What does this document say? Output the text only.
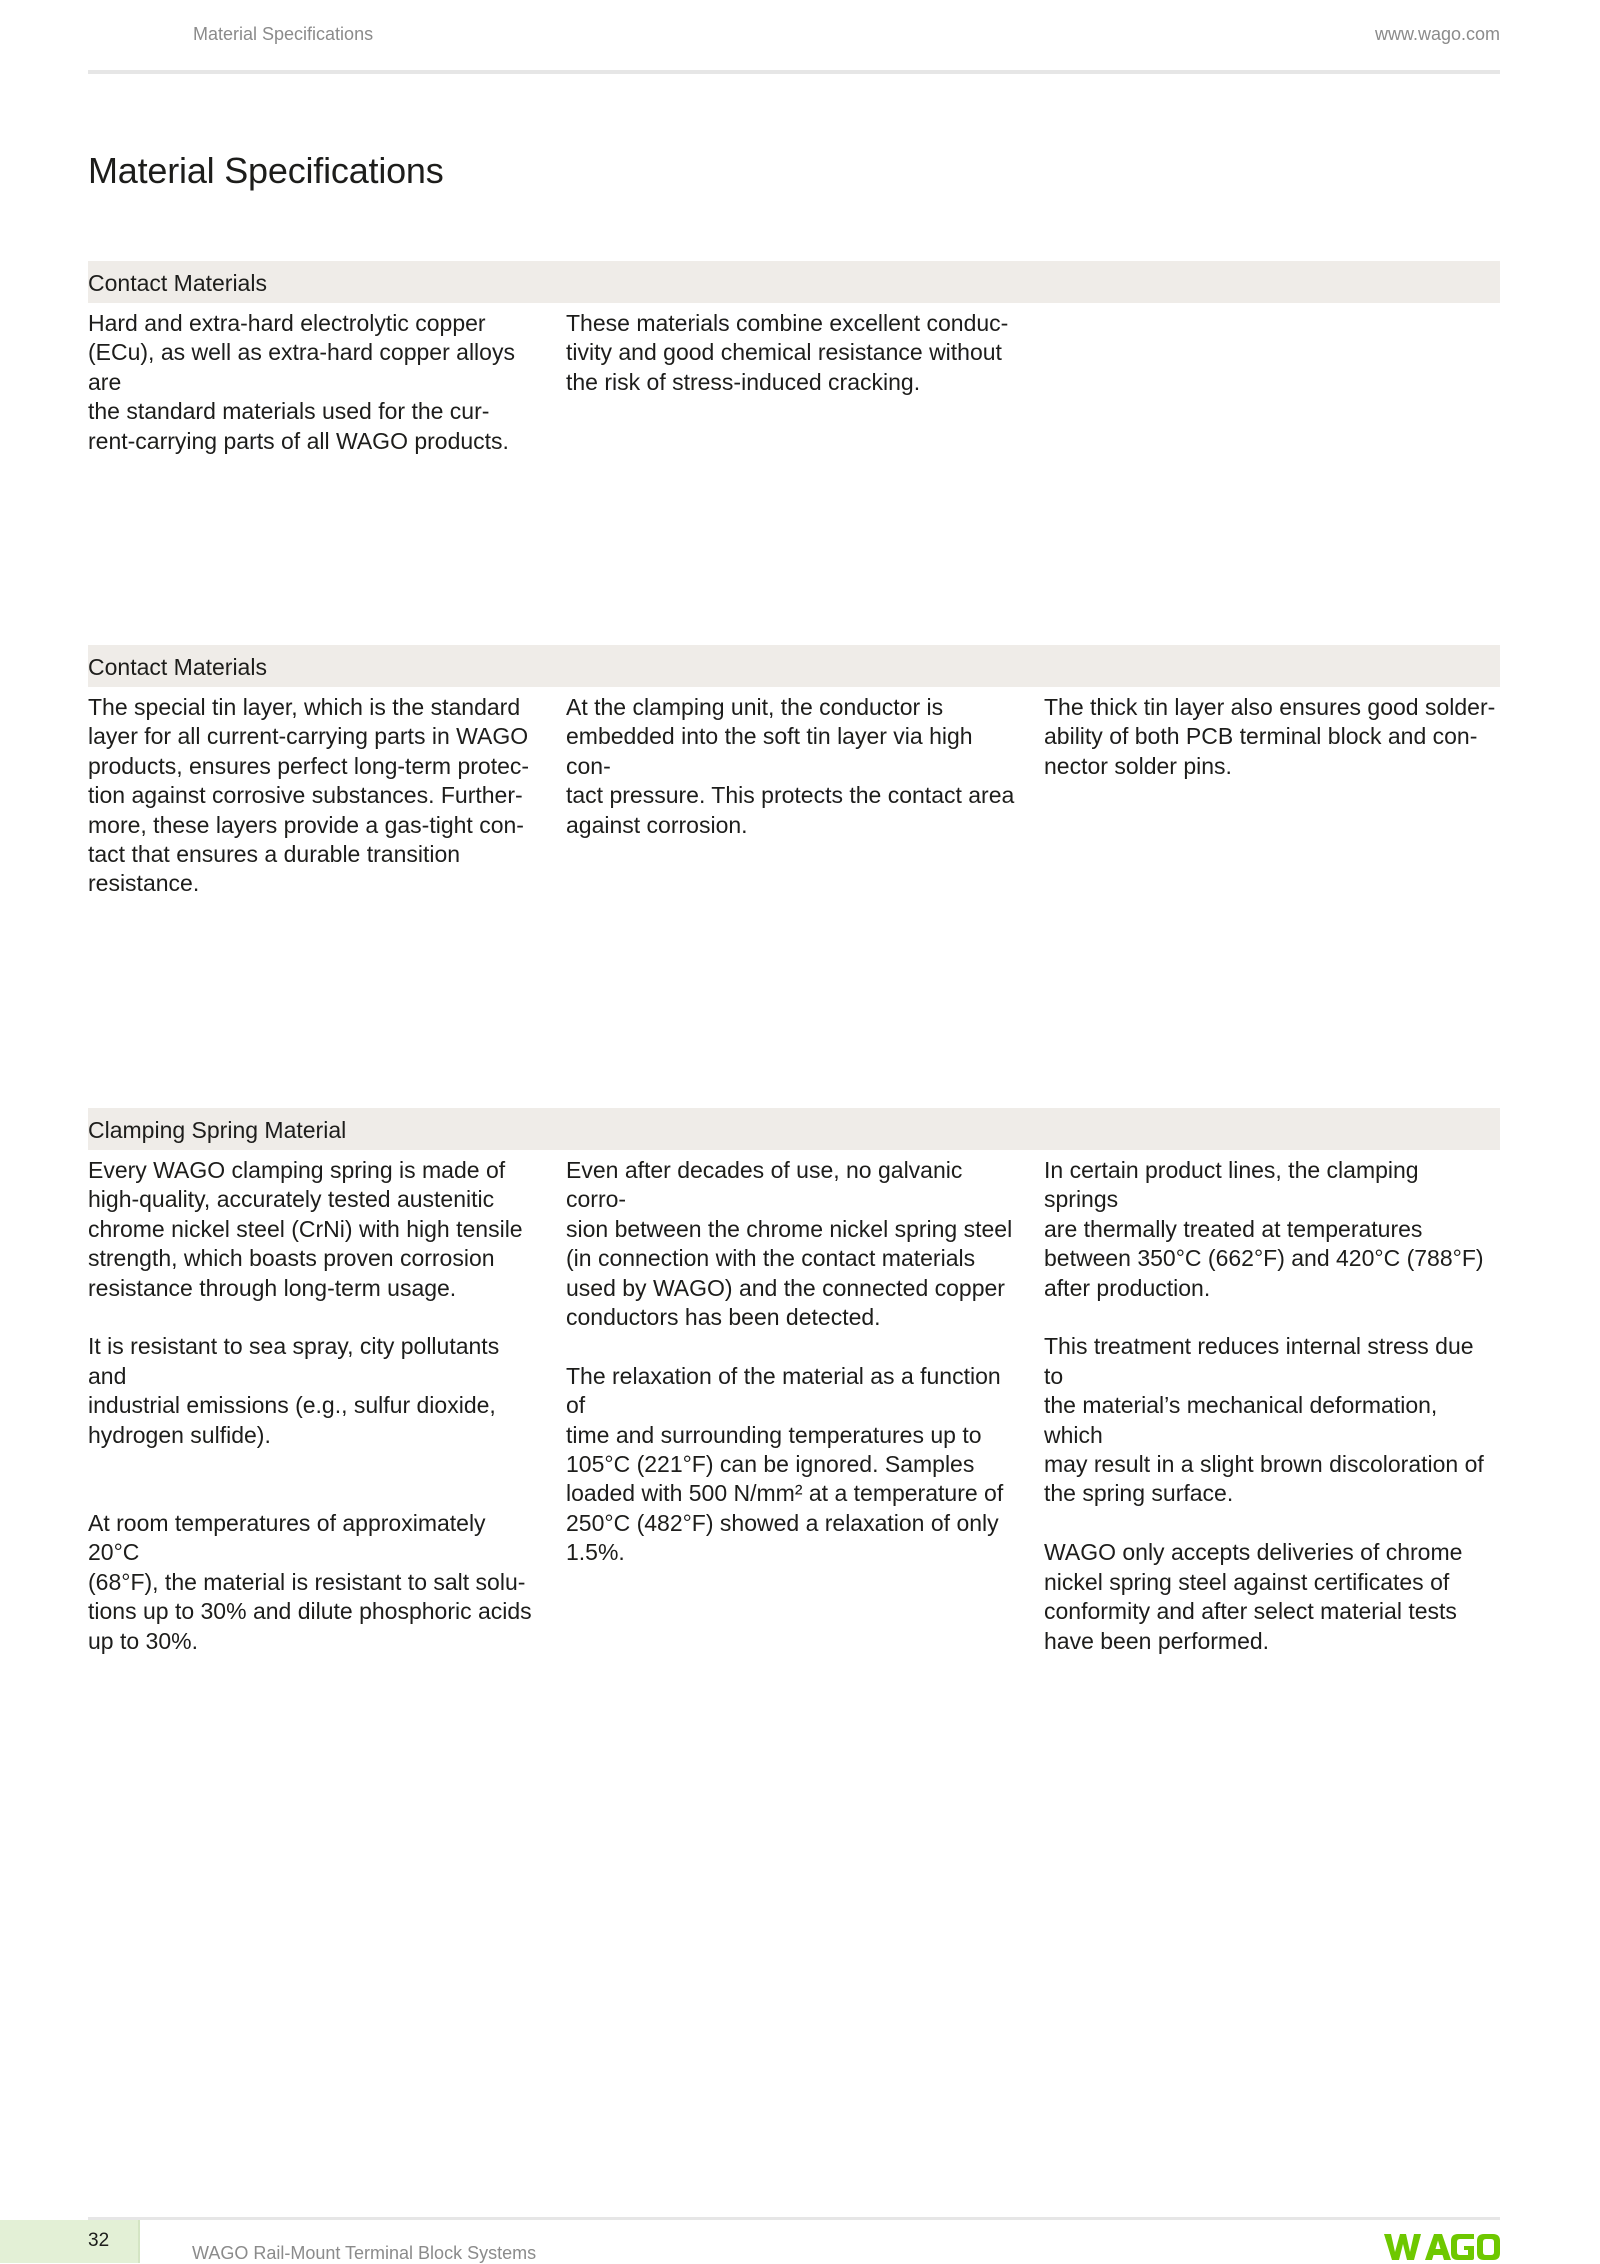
Material Specifications	www.wago.com
Material Specifications
Contact Materials

Hard and extra-hard electrolytic copper
(ECu), as well as extra-hard copper alloys are
the standard materials used for the cur-
rent-carrying parts of all WAGO products.

These materials combine excellent conduc-
tivity and good chemical resistance without
the risk of stress-induced cracking.

Contact Materials

The special tin layer, which is the standard
layer for all current-carrying parts in WAGO
products, ensures perfect long-term protec-
tion against corrosive substances. Further-
more, these layers provide a gas-tight con-
tact that ensures a durable transition
resistance.

At the clamping unit, the conductor is
embedded into the soft tin layer via high con-
tact pressure. This protects the contact area
against corrosion.

The thick tin layer also ensures good solder-
ability of both PCB terminal block and con-
nector solder pins.

Clamping Spring Material

Every WAGO clamping spring is made of
high-quality, accurately tested austenitic
chrome nickel steel (CrNi) with high tensile
strength, which boasts proven corrosion
resistance through long-term usage.

It is resistant to sea spray, city pollutants and
industrial emissions (e.g., sulfur dioxide,
hydrogen sulfide).

At room temperatures of approximately 20°C
(68°F), the material is resistant to salt solu-
tions up to 30% and dilute phosphoric acids
up to 30%.

Even after decades of use, no galvanic corro-
sion between the chrome nickel spring steel
(in connection with the contact materials
used by WAGO) and the connected copper
conductors has been detected.

The relaxation of the material as a function of
time and surrounding temperatures up to
105°C (221°F) can be ignored. Samples
loaded with 500 N/mm² at a temperature of
250°C (482°F) showed a relaxation of only
1.5%.

In certain product lines, the clamping springs
are thermally treated at temperatures
between 350°C (662°F) and 420°C (788°F)
after production.

This treatment reduces internal stress due to
the material’s mechanical deformation, which
may result in a slight brown discoloration of
the spring surface.

WAGO only accepts deliveries of chrome
nickel spring steel against certificates of
conformity and after select material tests
have been performed.

32
WAGO Rail-Mount Terminal Block Systems
